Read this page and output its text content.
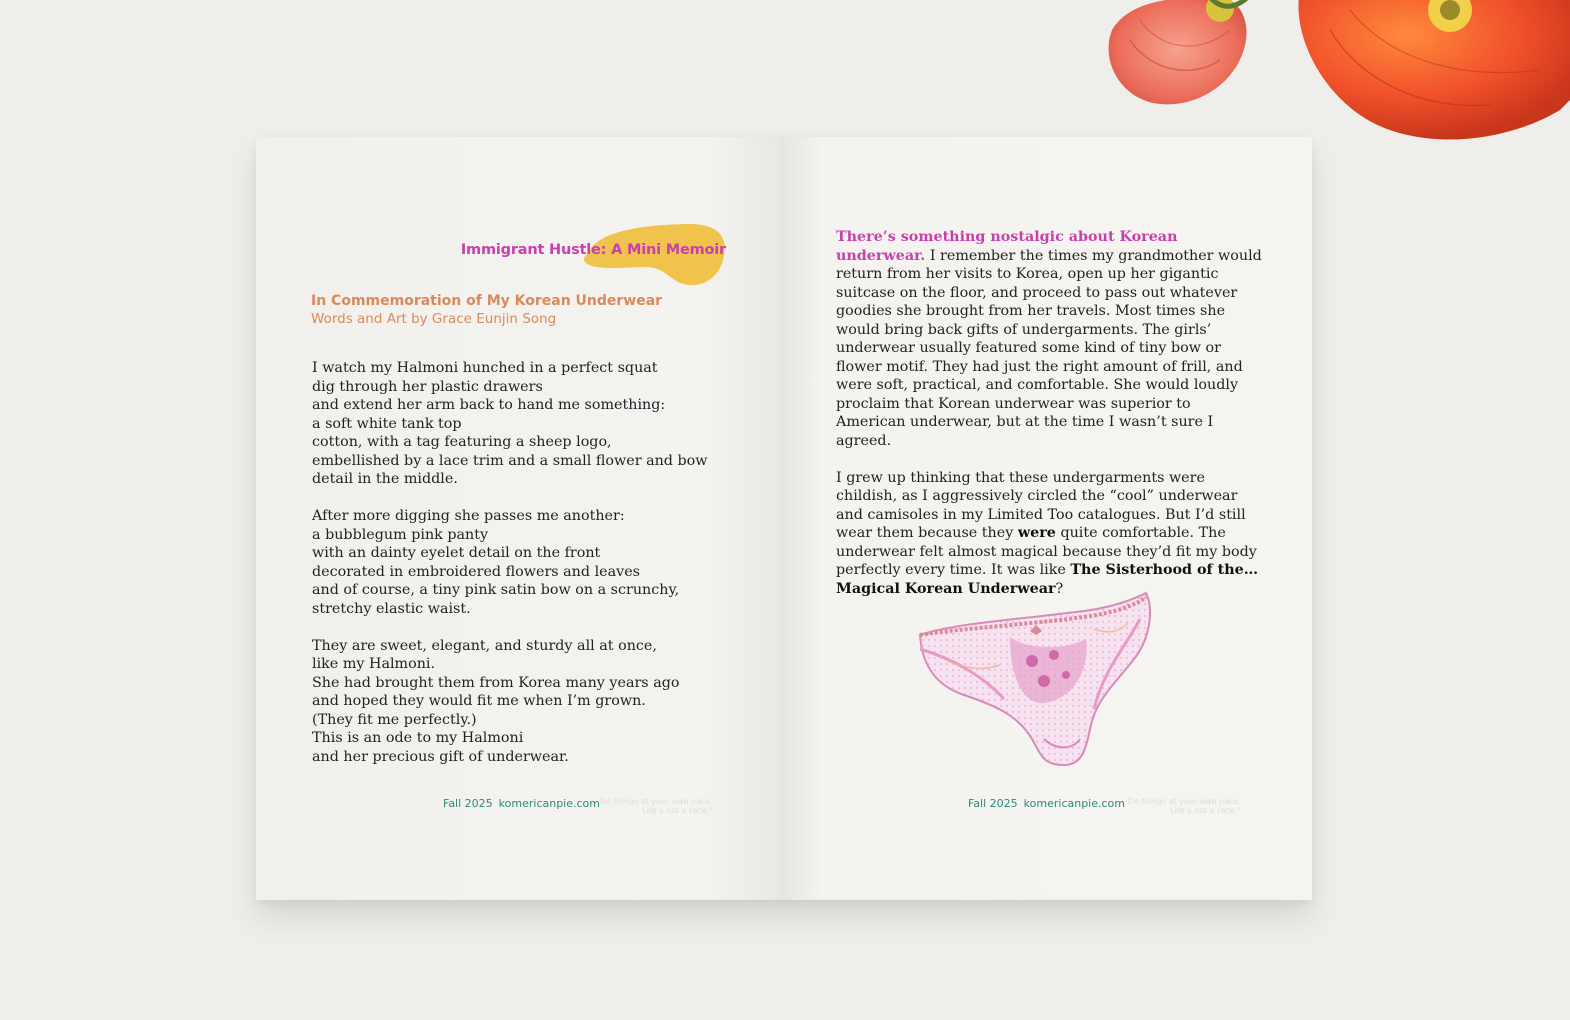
Immigrant Hustle: A Mini Memoir
In Commemoration of My Korean Underwear
Words and Art by Grace Eunjin Song
I watch my Halmoni hunched in a perfect squat
dig through her plastic drawers
and extend her arm back to hand me something:
a soft white tank top
cotton, with a tag featuring a sheep logo,
embellished by a lace trim and a small flower and bow
detail in the middle.
After more digging she passes me another:
a bubblegum pink panty
with an dainty eyelet detail on the front
decorated in embroidered flowers and leaves
and of course, a tiny pink satin bow on a scrunchy,
stretchy elastic waist.
They are sweet, elegant, and sturdy all at once,
like my Halmoni.
She had brought them from Korea many years ago
and hoped they would fit me when I’m grown.
(They fit me perfectly.)
This is an ode to my Halmoni
and her precious gift of underwear.
Fall 2025 komericanpie.com Do things at your own pace.
Life’s not a race."

There’s something nostalgic about Korean underwear. I remember the times my grandmother would return from her visits to Korea, open up her gigantic suitcase on the floor, and proceed to pass out whatever goodies she brought from her travels. Most times she would bring back gifts of undergarments. The girls’ underwear usually featured some kind of tiny bow or flower motif. They had just the right amount of frill, and were soft, practical, and comfortable. She would loudly proclaim that Korean underwear was superior to American underwear, but at the time I wasn’t sure I agreed.

I grew up thinking that these undergarments were childish, as I aggressively circled the “cool” underwear and camisoles in my Limited Too catalogues. But I’d still wear them because they were quite comfortable. The underwear felt almost magical because they’d fit my body perfectly every time. It was like The Sisterhood of the… Magical Korean Underwear?

Fall 2025 komericanpie.com Do things at your own pace.
Life’s not a race."
